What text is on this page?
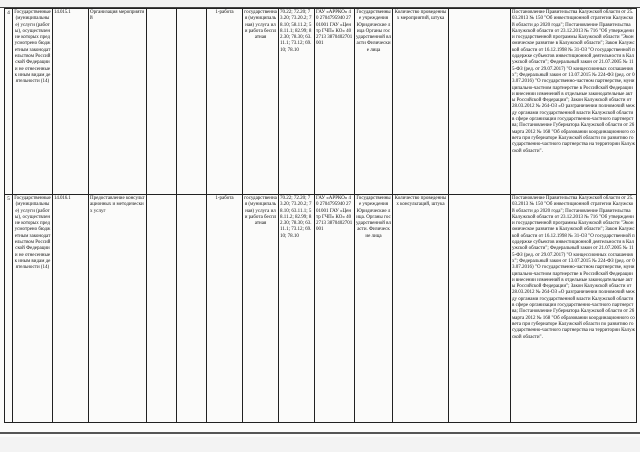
4	Государственные (муниципальные) услуги (работы), осуществление которых предусмотрено бюджетным законодательством Российской Федерации и не отнесенные к иным видам деятельности (14)	14.015.1	Организация мероприятий			1-работа	государственная (муниципальная) услуга или работа бесплатная	70.22; 72.20; 73.20; 73.20.2; 78.10; 58.11.2; 58.11.1; 82.99; 82.30; 78.30; 63.11.1; 73.12; 69.10; 78.10	ГАУ «АРРКО» 40 2704795940 2701001 ГАУ «Центр ГЧП» КО» 402713 3870402701 001	Государственные учреждения Юридические лица Органы государственной власти Физические лица	Количество проведенных мероприятий, штука		Постановление Правительства Калужской области от 25.03.2013 № 150 "Об инвестиционной стратегии Калужской области до 2020 года"; Постановление Правительства Калужской области от 23.12.2013 № 716 "Об утверждении государственной программы Калужской области "Экономическое развитие в Калужской области"; Закон Калужской области от 16.12.1998 № 31-ОЗ "О государственной поддержке субъектов инвестиционной деятельности в Калужской области"; Федеральный закон от 21.07.2005 № 115-ФЗ (ред. от 29.07.2017) "О концессионных соглашениях"; Федеральный закон от 13.07.2015 № 224-ФЗ (ред. от 03.07.2016) "О государственно-частном партнерстве, муниципально-частном партнерстве в Российской Федерации и внесении изменений в отдельные законодательные акты Российской Федерации"; Закон Калужской области от 28.03.2012 № 264-ОЗ «О разграничении полномочий между органами государственной власти Калужской области в сфере организации государственно-частного партнерства; Постановление Губернатора Калужской области от 26 марта 2012 № 168 "Об образовании координационного совета при губернаторе Калужской области по развитию государственно-частного партнерства на территории Калужской области".
5	Государственные (муниципальные) услуги (работы), осуществление которых предусмотрено бюджетным законодательством Российской Федерации и не отнесенные к иным видам деятельности (14)	14.016.1	Предоставление консультационных и методических услуг			1-работа	государственная (муниципальная) услуга или работа бесплатная	70.22; 72.20; 73.20; 73.20.2; 78.10; 63.11.1; 58.11.2; 82.99; 82.30; 78.30; 63.11.1; 73.12; 69.10; 78.10	ГАУ «АРРКО» 40 2704795940 2701001 ГАУ «Центр ГЧП» КО» 402713 3870402701 001	Государственные учреждения Юридические лица. Органы государственной власти. Физические лица	Количество проведенных консультаций, штука		Постановление Правительства Калужской области от 25.03.2013 № 150 "Об инвестиционной стратегии Калужской области до 2020 года"; Постановление Правительства Калужской области от 23.12.2013 № 716 "Об утверждении государственной программы Калужской области "Экономическое развитие в Калужской области"; Закон Калужской области от 16.12.1998 № 31-ОЗ "О государственной поддержке субъектов инвестиционной деятельности в Калужской области"; Федеральный закон от 21.07.2005 № 115-ФЗ (ред. от 29.07.2017) "О концессионных соглашениях"; Федеральный закон от 13.07.2015 № 224-ФЗ (ред. от 03.07.2016) "О государственно-частном партнерстве, муниципально-частном партнерстве в Российской Федерации и внесении изменений в отдельные законодательные акты Российской Федерации"; Закон Калужской области от 28.03.2012 № 264-ОЗ «О разграничении полномочий между органами государственной власти Калужской области в сфере организации государственно-частного партнерства; Постановление Губернатора Калужской области от 26 марта 2012 № 168 "Об образовании координационного совета при губернаторе Калужской области по развитию государственно-частного партнерства на территории Калужской области".
